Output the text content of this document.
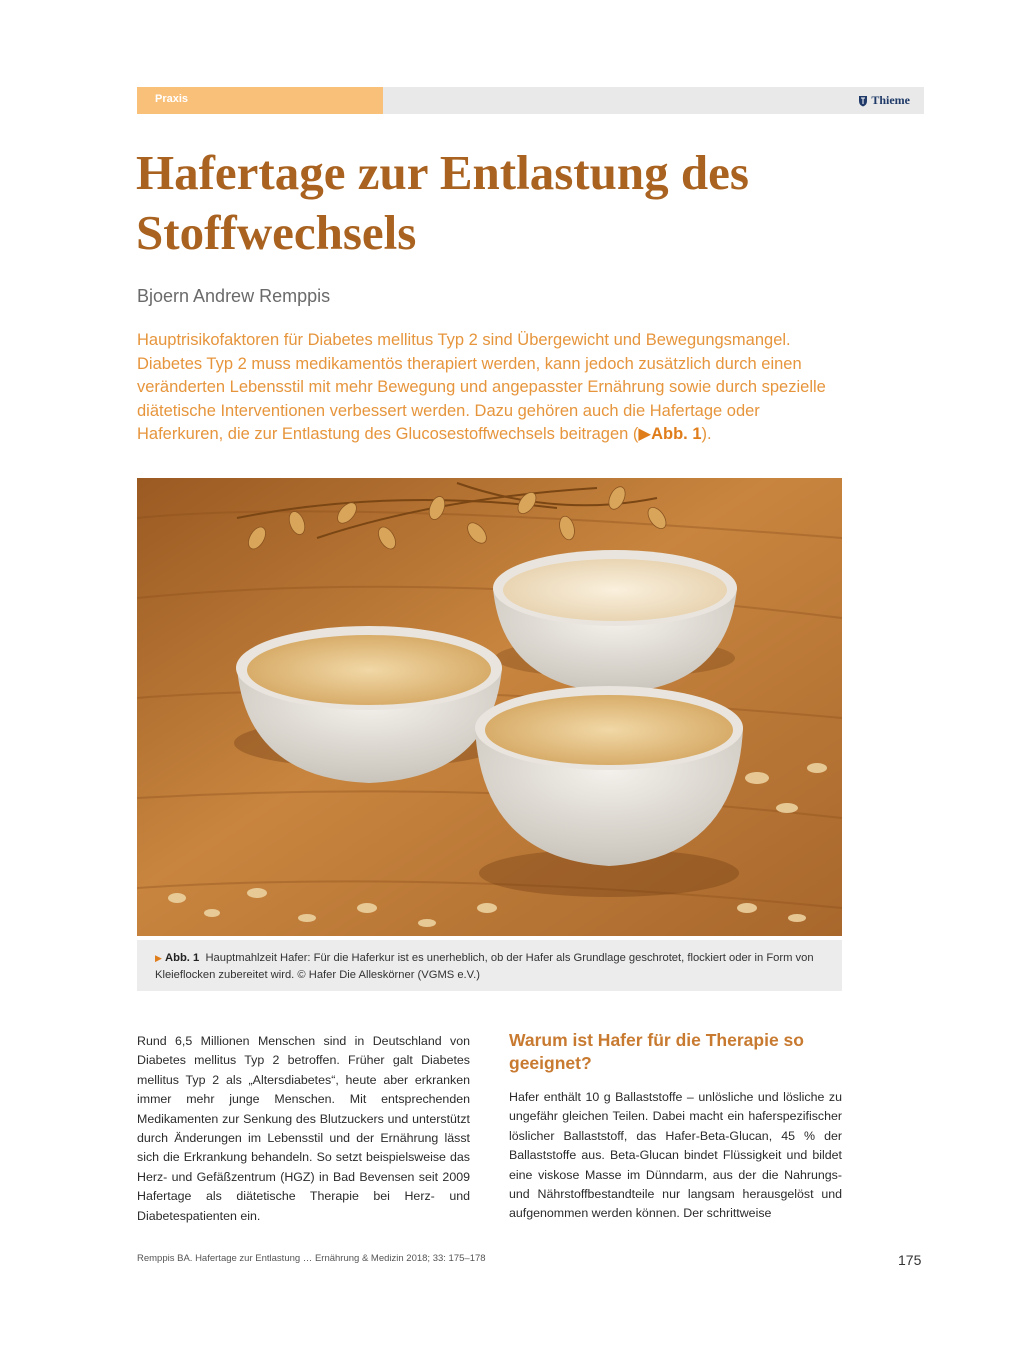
Praxis	Thieme
Hafertage zur Entlastung des
Stoffwechsels
Bjoern Andrew Remppis

Hauptrisikofaktoren für Diabetes mellitus Typ 2 sind Übergewicht und Bewegungsmangel. Diabetes Typ 2 muss medikamentös therapiert werden, kann jedoch zusätzlich durch einen veränderten Lebensstil mit mehr Bewegung und angepasster Ernährung sowie durch spezielle diätetische Interventionen verbessert werden. Dazu gehören auch die Hafertage oder Haferkuren, die zur Entlastung des Glucosestoffwechsels beitragen (▶Abb. 1).

▶ Abb. 1 Hauptmahlzeit Hafer: Für die Haferkur ist es unerheblich, ob der Hafer als Grundlage geschrotet, flockiert oder in Form von Kleieflocken zubereitet wird. © Hafer Die Alleskörner (VGMS e.V.)

Rund 6,5 Millionen Menschen sind in Deutschland von Diabetes mellitus Typ 2 betroffen. Früher galt Diabetes mellitus Typ 2 als „Altersdiabetes“, heute aber erkranken immer mehr junge Menschen. Mit entsprechenden Medikamenten zur Senkung des Blutzuckers und unterstützt durch Änderungen im Lebensstil und der Ernährung lässt sich die Erkrankung behandeln. So setzt beispielsweise das Herz- und Gefäßzentrum (HGZ) in Bad Bevensen seit 2009 Hafertage als diätetische Therapie bei Herz- und Diabetespatienten ein.

Warum ist Hafer für die Therapie so geeignet?

Hafer enthält 10 g Ballaststoffe – unlösliche und lösliche zu ungefähr gleichen Teilen. Dabei macht ein haferspezifischer löslicher Ballaststoff, das Hafer-Beta-Glucan, 45 % der Ballaststoffe aus. Beta-Glucan bindet Flüssigkeit und bildet eine viskose Masse im Dünndarm, aus der die Nahrungs- und Nährstoffbestandteile nur langsam herausgelöst und aufgenommen werden können. Der schrittweise

Remppis BA. Hafertage zur Entlastung … Ernährung & Medizin 2018; 33: 175–178	175
